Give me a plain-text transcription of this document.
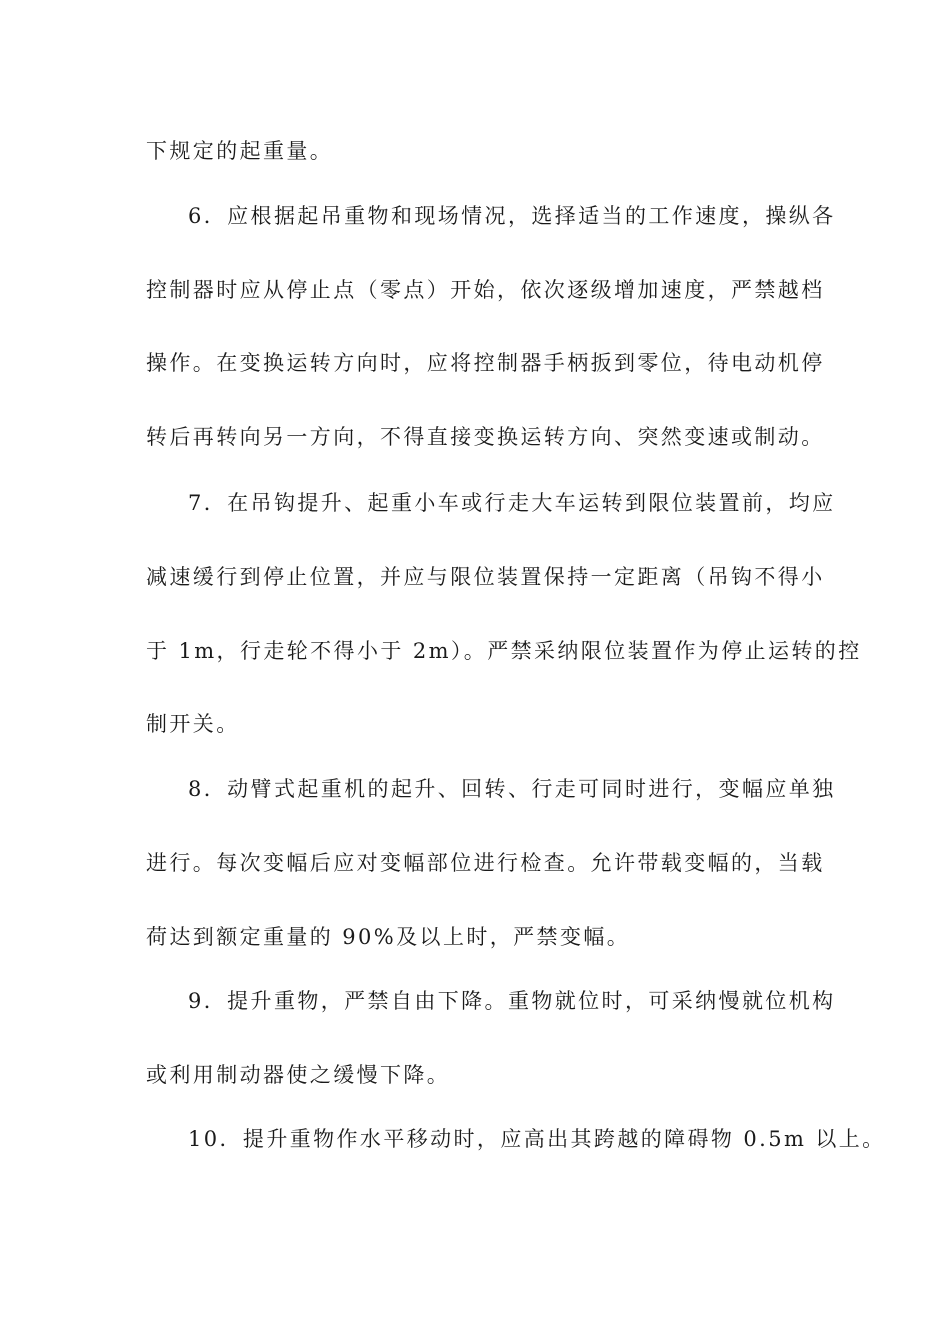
下规定的起重量。
6．应根据起吊重物和现场情况，选择适当的工作速度，操纵各
控制器时应从停止点（零点）开始，依次逐级增加速度，严禁越档
操作。在变换运转方向时，应将控制器手柄扳到零位，待电动机停
转后再转向另一方向，不得直接变换运转方向、突然变速或制动。
7．在吊钩提升、起重小车或行走大车运转到限位装置前，均应
减速缓行到停止位置，并应与限位装置保持一定距离（吊钩不得小
于 1m，行走轮不得小于 2m）。严禁采纳限位装置作为停止运转的控
制开关。
8．动臂式起重机的起升、回转、行走可同时进行，变幅应单独
进行。每次变幅后应对变幅部位进行检查。允许带载变幅的，当载
荷达到额定重量的 90%及以上时，严禁变幅。
9．提升重物，严禁自由下降。重物就位时，可采纳慢就位机构
或利用制动器使之缓慢下降。
10．提升重物作水平移动时，应高出其跨越的障碍物 0.5m 以上。
